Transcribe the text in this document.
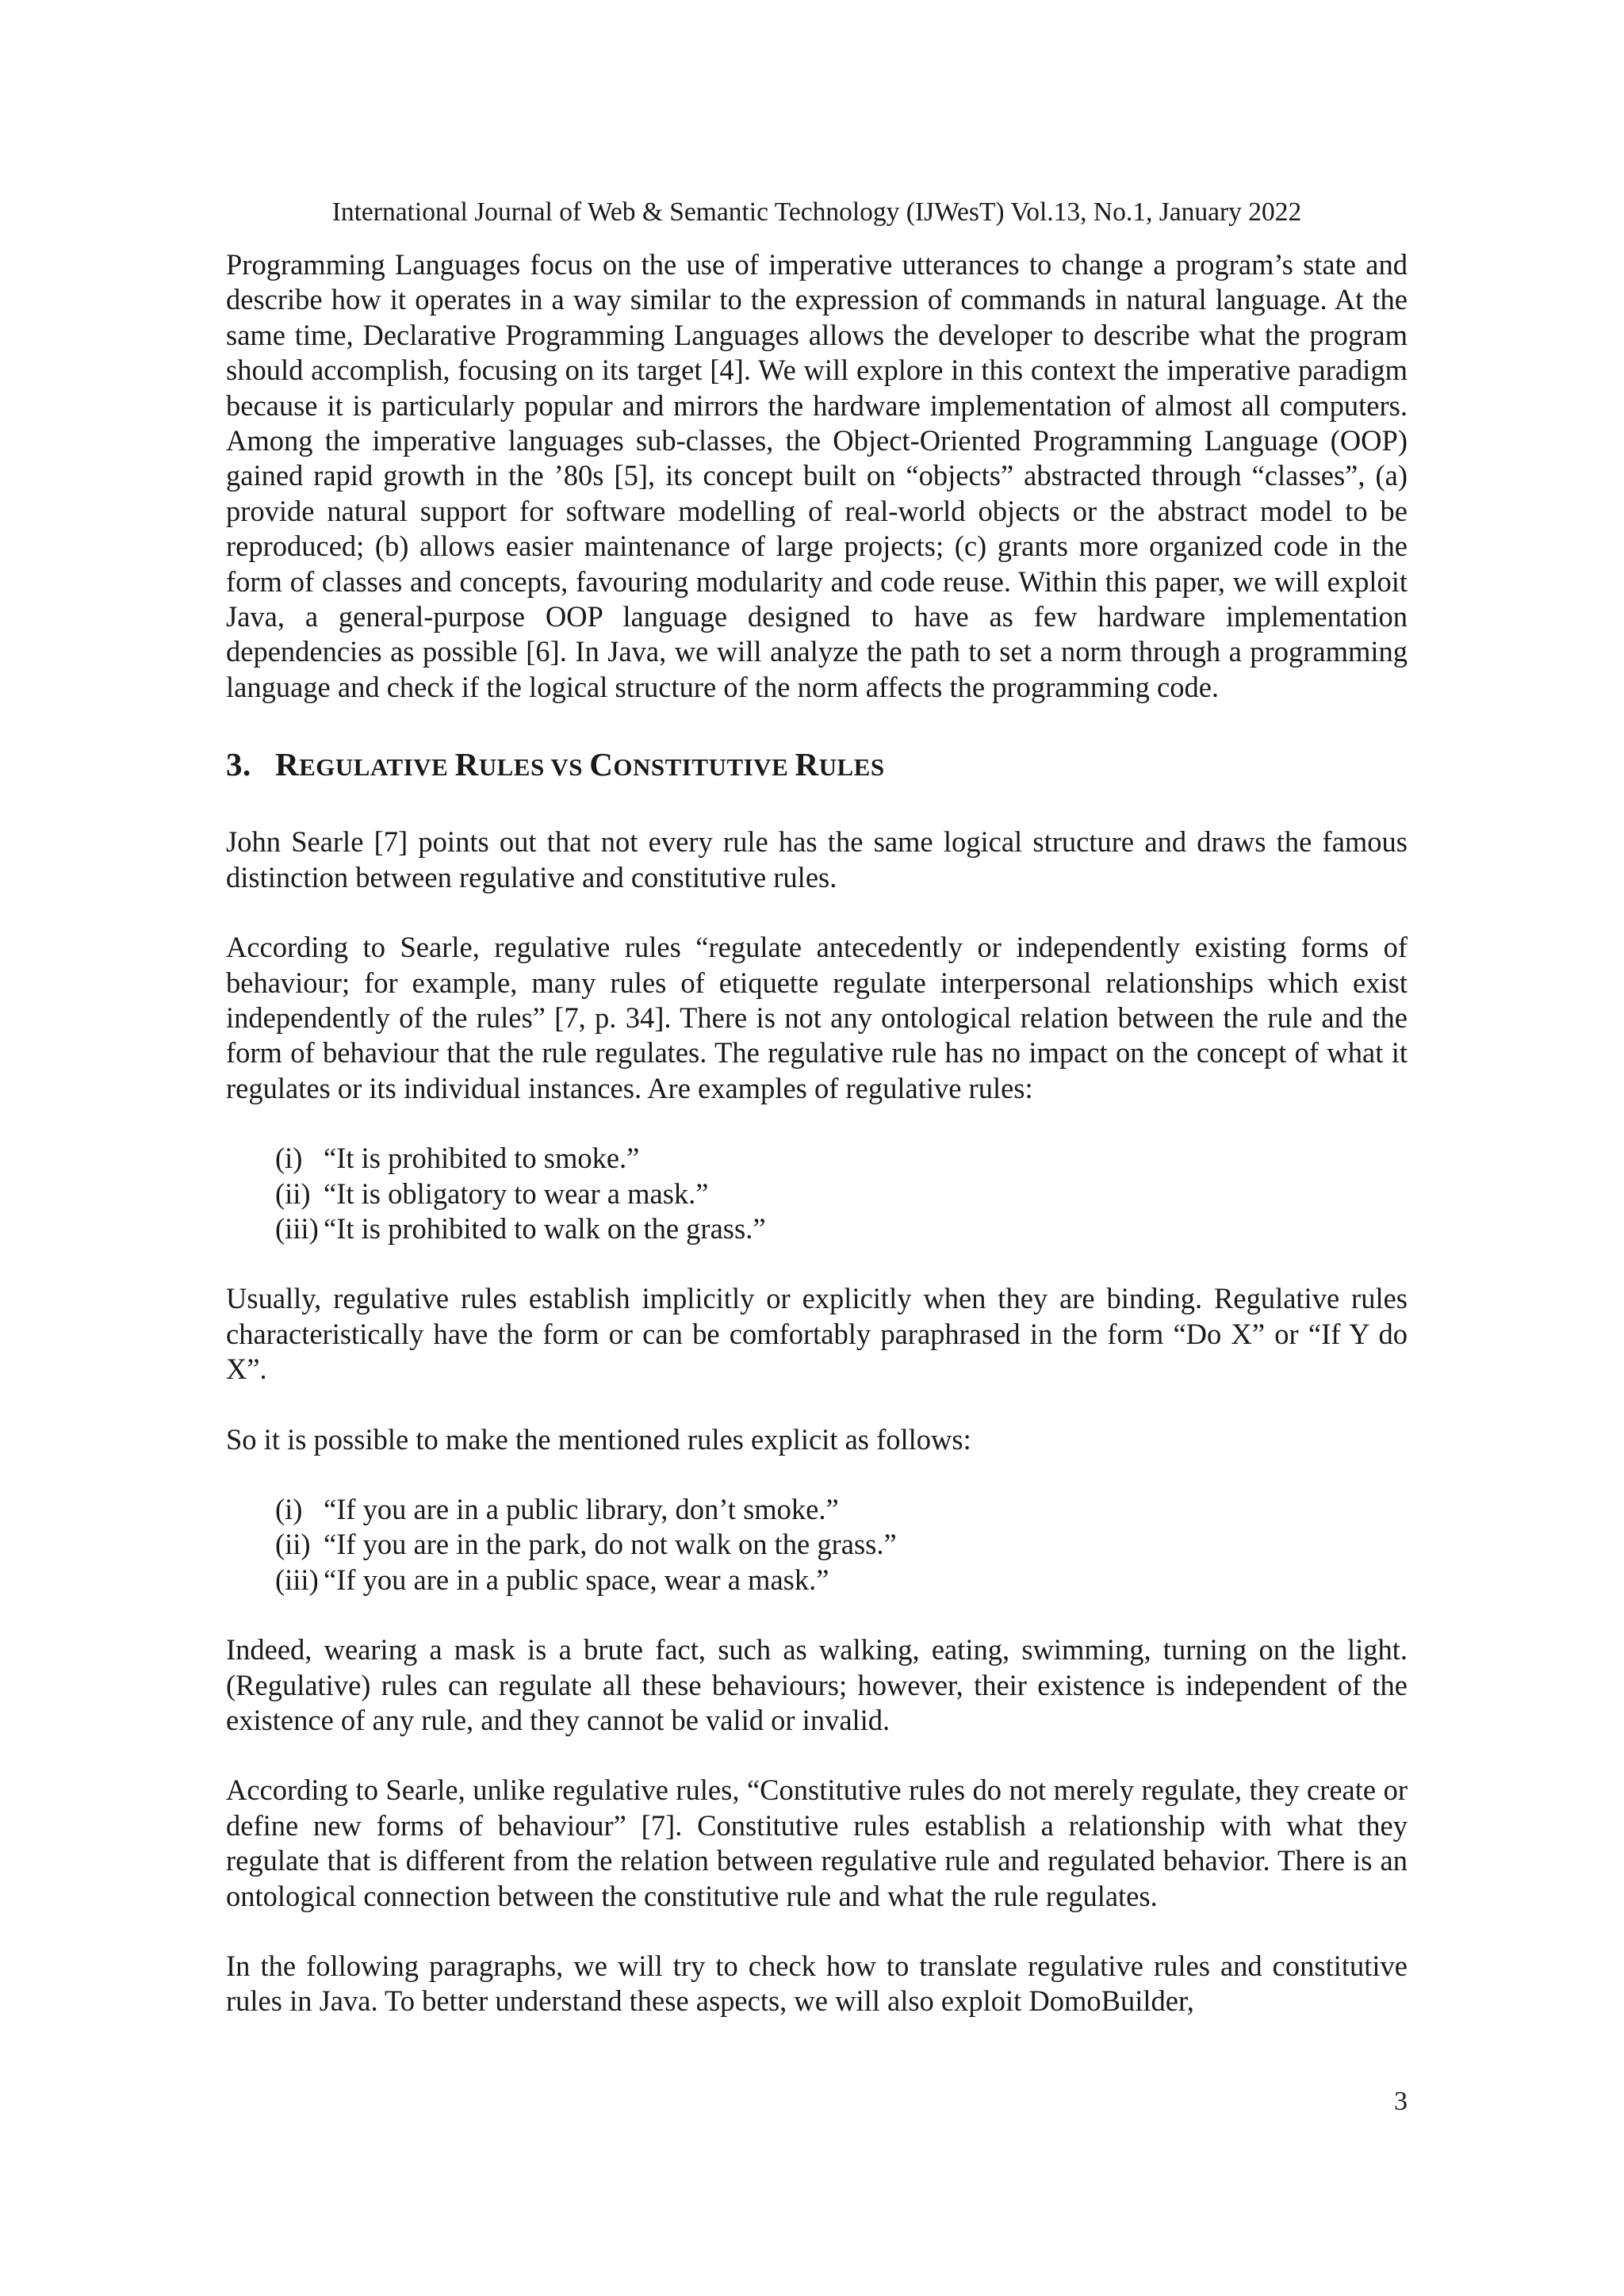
International Journal of Web & Semantic Technology (IJWesT) Vol.13, No.1, January 2022

Programming Languages focus on the use of imperative utterances to change a program’s state and describe how it operates in a way similar to the expression of commands in natural language. At the same time, Declarative Programming Languages allows the developer to describe what the program should accomplish, focusing on its target [4]. We will explore in this context the imperative paradigm because it is particularly popular and mirrors the hardware implementation of almost all computers. Among the imperative languages sub-classes, the Object-Oriented Programming Language (OOP) gained rapid growth in the ’80s [5], its concept built on “objects” abstracted through “classes”, (a) provide natural support for software modelling of real-world objects or the abstract model to be reproduced; (b) allows easier maintenance of large projects; (c) grants more organized code in the form of classes and concepts, favouring modularity and code reuse. Within this paper, we will exploit Java, a general-purpose OOP language designed to have as few hardware implementation dependencies as possible [6]. In Java, we will analyze the path to set a norm through a programming language and check if the logical structure of the norm affects the programming code.

3. REGULATIVE RULES VS CONSTITUTIVE RULES

John Searle [7] points out that not every rule has the same logical structure and draws the famous distinction between regulative and constitutive rules.

According to Searle, regulative rules “regulate antecedently or independently existing forms of behaviour; for example, many rules of etiquette regulate interpersonal relationships which exist independently of the rules” [7, p. 34]. There is not any ontological relation between the rule and the form of behaviour that the rule regulates. The regulative rule has no impact on the concept of what it regulates or its individual instances. Are examples of regulative rules:

(i) “It is prohibited to smoke.”
(ii) “It is obligatory to wear a mask.”
(iii) “It is prohibited to walk on the grass.”

Usually, regulative rules establish implicitly or explicitly when they are binding. Regulative rules characteristically have the form or can be comfortably paraphrased in the form “Do X” or “If Y do X”.

So it is possible to make the mentioned rules explicit as follows:

(i) “If you are in a public library, don’t smoke.”
(ii) “If you are in the park, do not walk on the grass.”
(iii) “If you are in a public space, wear a mask.”

Indeed, wearing a mask is a brute fact, such as walking, eating, swimming, turning on the light. (Regulative) rules can regulate all these behaviours; however, their existence is independent of the existence of any rule, and they cannot be valid or invalid.

According to Searle, unlike regulative rules, “Constitutive rules do not merely regulate, they create or define new forms of behaviour” [7]. Constitutive rules establish a relationship with what they regulate that is different from the relation between regulative rule and regulated behavior. There is an ontological connection between the constitutive rule and what the rule regulates.

In the following paragraphs, we will try to check how to translate regulative rules and constitutive rules in Java. To better understand these aspects, we will also exploit DomoBuilder,

3
